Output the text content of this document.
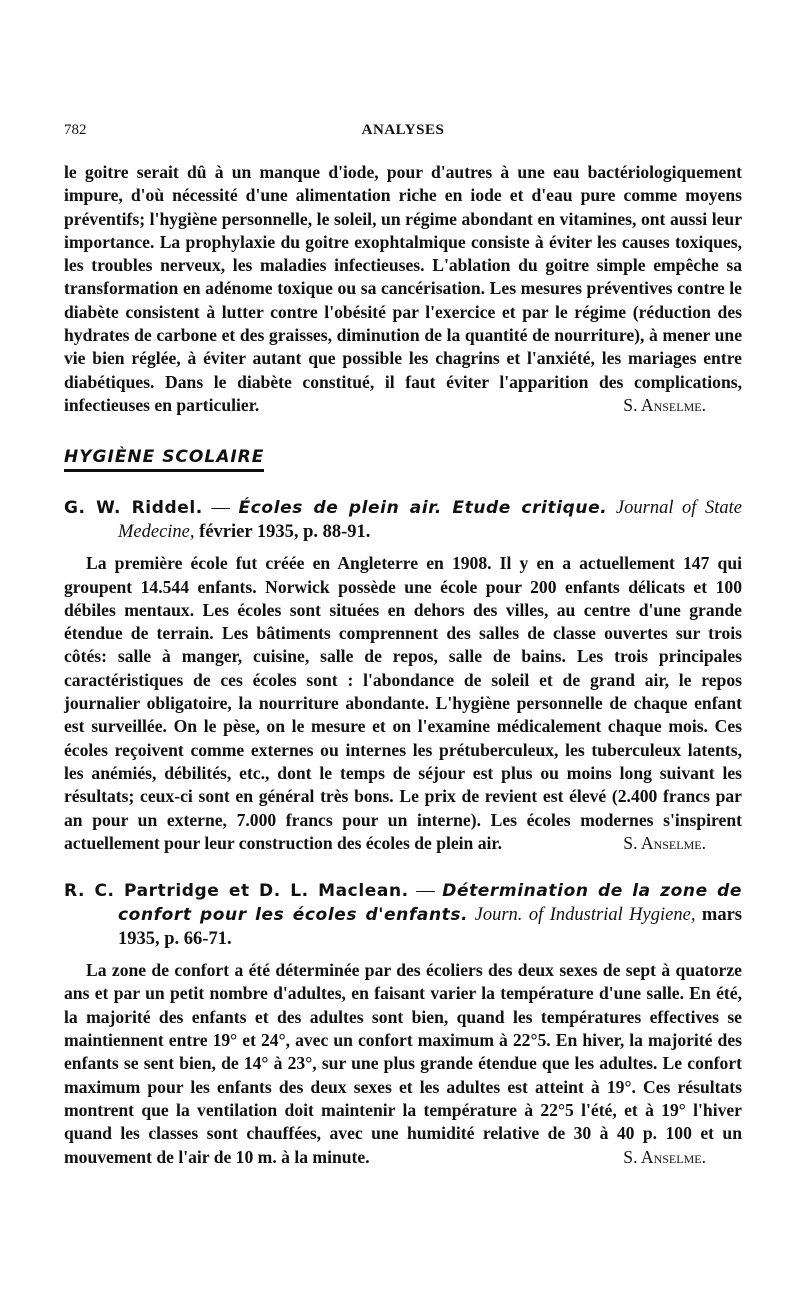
782	ANALYSES

le goitre serait dû à un manque d'iode, pour d'autres à une eau bactériologiquement impure, d'où nécessité d'une alimentation riche en iode et d'eau pure comme moyens préventifs; l'hygiène personnelle, le soleil, un régime abondant en vitamines, ont aussi leur importance. La prophylaxie du goitre exophtalmique consiste à éviter les causes toxiques, les troubles nerveux, les maladies infectieuses. L'ablation du goitre simple empêche sa transformation en adénome toxique ou sa cancérisation. Les mesures préventives contre le diabète consistent à lutter contre l'obésité par l'exercice et par le régime (réduction des hydrates de carbone et des graisses, diminution de la quantité de nourriture), à mener une vie bien réglée, à éviter autant que possible les chagrins et l'anxiété, les mariages entre diabétiques. Dans le diabète constitué, il faut éviter l'apparition des complications, infectieuses en particulier.	S. Anselme.

HYGIÈNE SCOLAIRE

G. W. Riddel. — Écoles de plein air. Etude critique. Journal of State Medecine, février 1935, p. 88-91.

La première école fut créée en Angleterre en 1908. Il y en a actuellement 147 qui groupent 14.544 enfants. Norwick possède une école pour 200 enfants délicats et 100 débiles mentaux. Les écoles sont situées en dehors des villes, au centre d'une grande étendue de terrain. Les bâtiments comprennent des salles de classe ouvertes sur trois côtés: salle à manger, cuisine, salle de repos, salle de bains. Les trois principales caractéristiques de ces écoles sont : l'abondance de soleil et de grand air, le repos journalier obligatoire, la nourriture abondante. L'hygiène personnelle de chaque enfant est surveillée. On le pèse, on le mesure et on l'examine médicalement chaque mois. Ces écoles reçoivent comme externes ou internes les prétuberculeux, les tuberculeux latents, les anémiés, débilités, etc., dont le temps de séjour est plus ou moins long suivant les résultats; ceux-ci sont en général très bons. Le prix de revient est élevé (2.400 francs par an pour un externe, 7.000 francs pour un interne). Les écoles modernes s'inspirent actuellement pour leur construction des écoles de plein air.	S. Anselme.

R. C. Partridge et D. L. Maclean. — Détermination de la zone de confort pour les écoles d'enfants. Journ. of Industrial Hygiene, mars 1935, p. 66-71.

La zone de confort a été déterminée par des écoliers des deux sexes de sept à quatorze ans et par un petit nombre d'adultes, en faisant varier la température d'une salle. En été, la majorité des enfants et des adultes sont bien, quand les températures effectives se maintiennent entre 19° et 24°, avec un confort maximum à 22°5. En hiver, la majorité des enfants se sent bien, de 14° à 23°, sur une plus grande étendue que les adultes. Le confort maximum pour les enfants des deux sexes et les adultes est atteint à 19°. Ces résultats montrent que la ventilation doit maintenir la température à 22°5 l'été, et à 19° l'hiver quand les classes sont chauffées, avec une humidité relative de 30 à 40 p. 100 et un mouvement de l'air de 10 m. à la minute.	S. Anselme.
